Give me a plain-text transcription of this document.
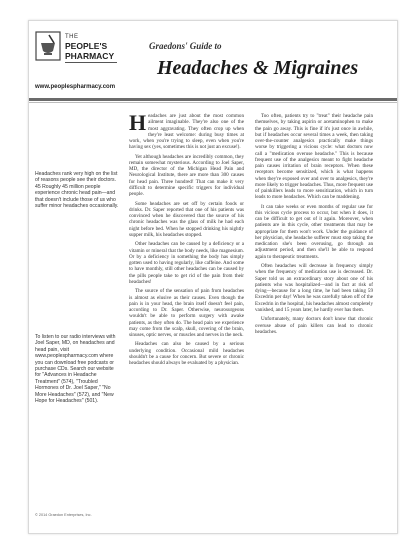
THE
PEOPLE'S
PHARMACY
www.peoplespharmacy.com
Graedons' Guide to
Headaches & Migraines
Headaches rank very high on the list of reasons people see their doctors. 45 Roughly 45 million people experience chronic head pain—and that doesn't include those of us who suffer minor headaches occasionally.
To listen to our radio interviews with Joel Saper, MD, on headaches and head pain, visit www.peoplespharmacy.com where you can download free podcasts or purchase CDs. Search our website for "Advances in Headache Treatment" (574), "Troubled Hormones of Dr. Joel Saper," "No More Headaches" (572), and "New Hope for Headaches" (501).
© 2014 Graedon Enterprises, Inc.

Headaches are just about the most common ailment imaginable. They're also one of the most aggravating. They often crop up when they're least welcome: during busy times at work, when you're trying to sleep, even when you're having sex (yes, sometimes this is not just an excuse!).

Yet although headaches are incredibly common, they remain somewhat mysterious. According to Joel Saper, MD, the director of the Michigan Head Pain and Neurological Institute, there are more than 300 causes for head pain. Three hundred! That can make it very difficult to determine specific triggers for individual people.

Some headaches are set off by certain foods or drinks. Dr. Saper reported that one of his patients was convinced when he discovered that the source of his chronic headaches was the glass of milk he had each night before bed. When he stopped drinking his nightly supper milk, his headaches stopped.

Other headaches can be caused by a deficiency or a vitamin or mineral that the body needs, like magnesium. Or by a deficiency in something the body has simply gotten used to having regularly, like caffeine. And some to have monthly, still other headaches can be caused by the pills people take to get rid of the pain from their headaches!

The source of the sensation of pain from headaches is almost as elusive as their causes. Even though the pain is in your head, the brain itself doesn't feel pain, according to Dr. Saper. Otherwise, neurosurgeons wouldn't be able to perform surgery with awake patients, as they often do. The head pain we experience may come from the scalp, skull, covering of the brain, sinuses, optic nerves, or muscles and nerves in the neck.

Headaches can also be caused by a serious underlying condition. Occasional mild headaches shouldn't be a cause for concern. But severe or chronic headaches should always be evaluated by a physician.

Too often, patients try to "treat" their headache pain themselves, by taking aspirin or acetaminophen to make the pain go away. This is fine if it's just once in awhile, but if headaches occur several times a week, then taking over-the-counter analgesics practically make things worse by triggering a vicious cycle: what doctors now call a "medication overuse headache." This is because frequent use of the analgesics meant to fight headache pain causes irritation of brain receptors. When these receptors become sensitized, which is what happens when they're exposed over and over to analgesics, they're more likely to trigger headaches. Thus, more frequent use of painkillers leads to more sensitization, which in turn leads to more headaches. Which can be maddening.

It can take weeks or even months of regular use for this vicious cycle process to occur, but when it does, it can be difficult to get out of it again. Moreover, when patients are in this cycle, other treatments that may be appropriate for them won't work. Under the guidance of her physician, she headache sufferer must stop taking the medication she's been overusing, go through an adjustment period, and then she'll be able to respond again to therapeutic treatments.

Often headaches will decrease in frequency simply when the frequency of medication use is decreased. Dr. Saper told us an extraordinary story about one of his patients who was hospitalized—and in fact at risk of dying—because for a long time, he had been taking 59 Excedrin per day! When he was carefully taken off of the Excedrin in the hospital, his headaches almost completely vanished, and 15 years later, he hardly ever has them.

Unfortunately, many doctors don't know that chronic overuse abuse of pain killers can lead to chronic headaches.
